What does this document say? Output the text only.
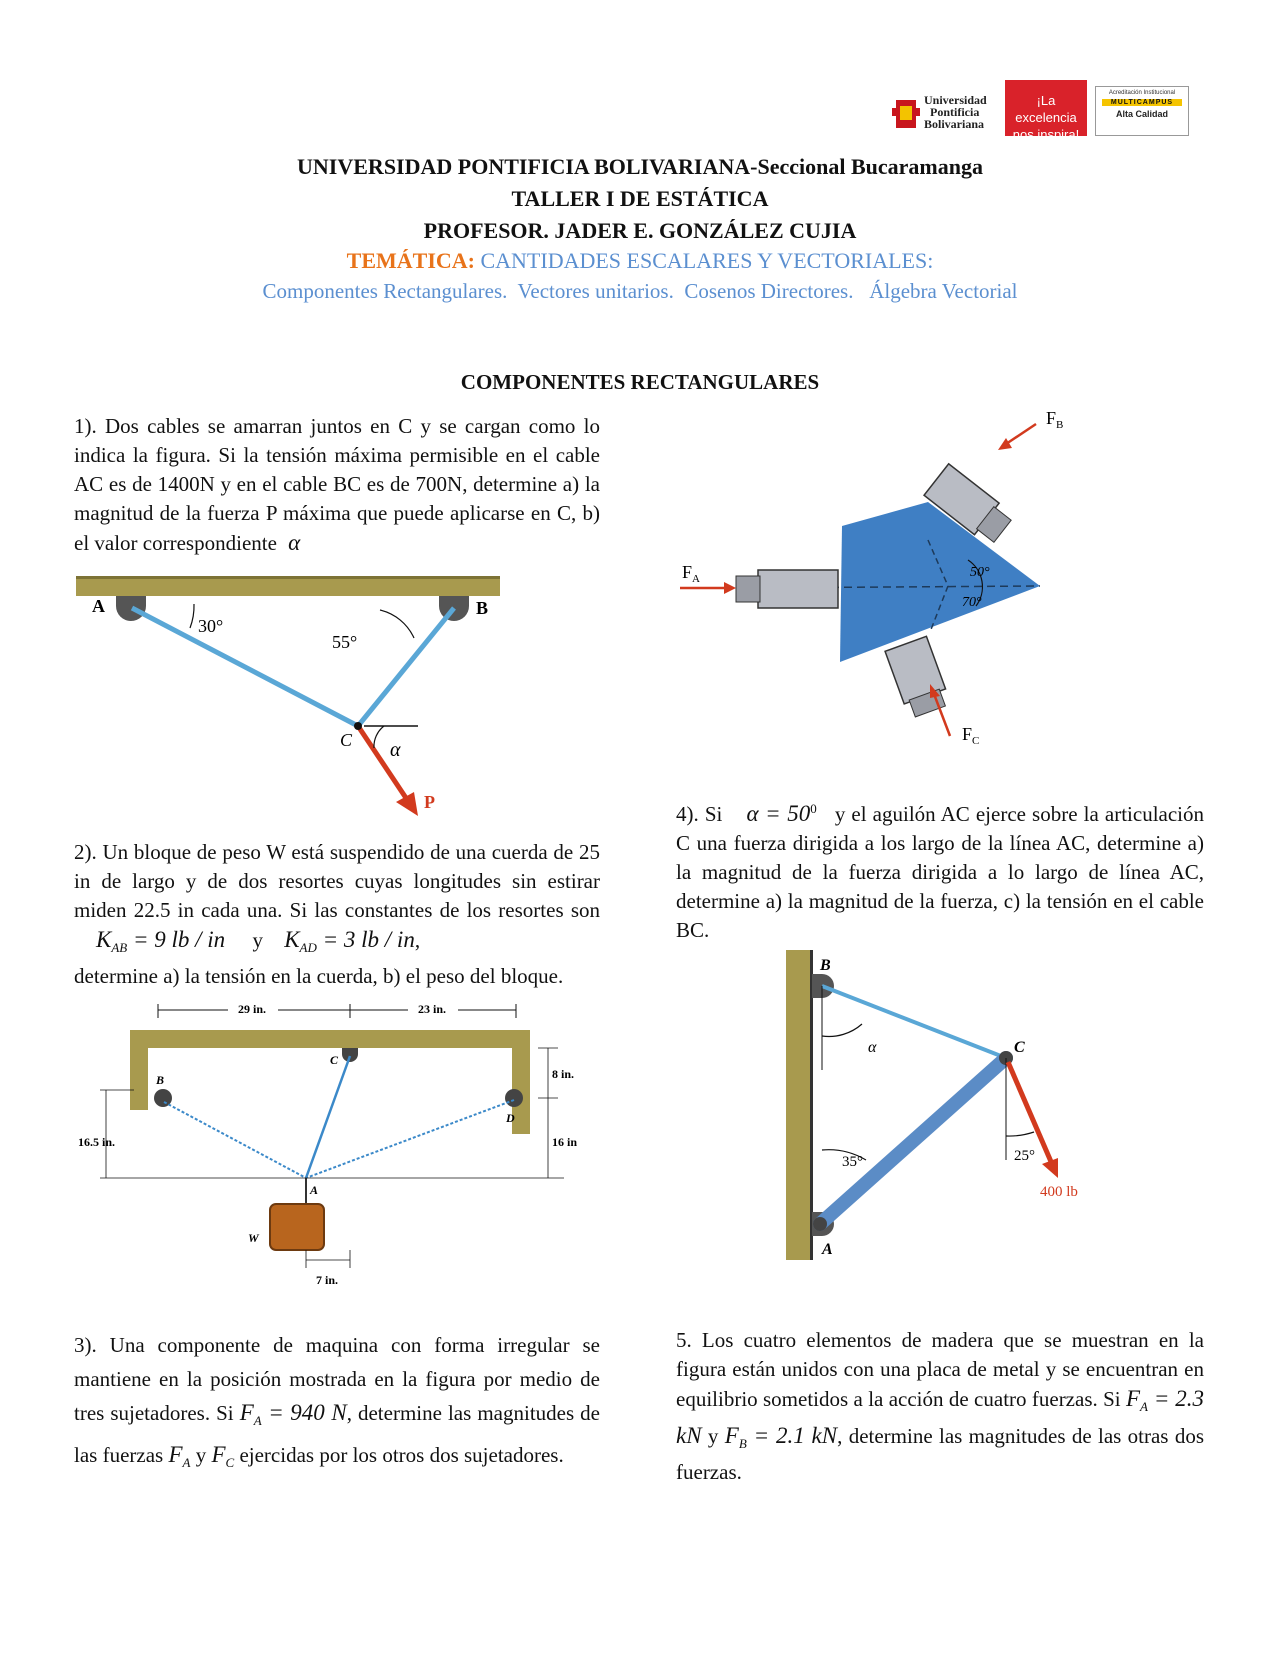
Universidad
Pontificia
Bolivariana
¡La excelencia
nos inspira!
Acreditación Institucional
MULTICAMPUS
Alta Calidad
UNIVERSIDAD PONTIFICIA BOLIVARIANA-Seccional Bucaramanga
TALLER I DE ESTÁTICA
PROFESOR. JADER E. GONZÁLEZ CUJIA
TEMÁTICA: CANTIDADES ESCALARES Y VECTORIALES:
Componentes Rectangulares.  Vectores unitarios.  Cosenos Directores.   Álgebra Vectorial
COMPONENTES RECTANGULARES
1). Dos cables se amarran juntos en C y se cargan como lo indica la figura. Si la tensión máxima permisible en el cable AC es de 1400N y en el cable BC es de 700N, determine a) la magnitud de la fuerza P máxima que puede aplicarse en C, b) el valor correspondiente α
A	B
C
P
30°
55°
α
2). Un bloque de peso W está suspendido de una cuerda de 25 in de largo y de dos resortes cuyas longitudes sin estirar miden 22.5 in cada una. Si las constantes de los resortes son $K_{AB} = 9$ lb / in y $K_{AD} = 3$ lb / in,
determine a) la tensión en la cuerda, b) el peso del bloque.
29 in.	23 in.
8 in.
16.5 in.	16 in
7 in.
A
B
C
D
W
3). Una componente de maquina con forma irregular se mantiene en la posición mostrada en la figura por medio de tres sujetadores. Si $F_A = 940$ N, determine las magnitudes de las fuerzas $F_A$ y $F_C$ ejercidas por los otros dos sujetadores.
$F_A$
$F_B$
$F_C$
50°
70°
4). Si $\alpha = 50^0$ y el aguilón AC ejerce sobre la articulación C una fuerza dirigida a los largo de la línea AC, determine a) la magnitud de la fuerza dirigida a lo largo de línea AC, determine a) la magnitud de la fuerza, c) la tensión en el cable BC.
A
B
C
α
35°	25°
400 lb
5. Los cuatro elementos de madera que se muestran en la figura están unidos con una placa de metal y se encuentran en equilibrio sometidos a la acción de cuatro fuerzas. Si $F_A = 2.3$ kN y $F_B = 2.1$ kN, determine las magnitudes de las otras dos fuerzas.
